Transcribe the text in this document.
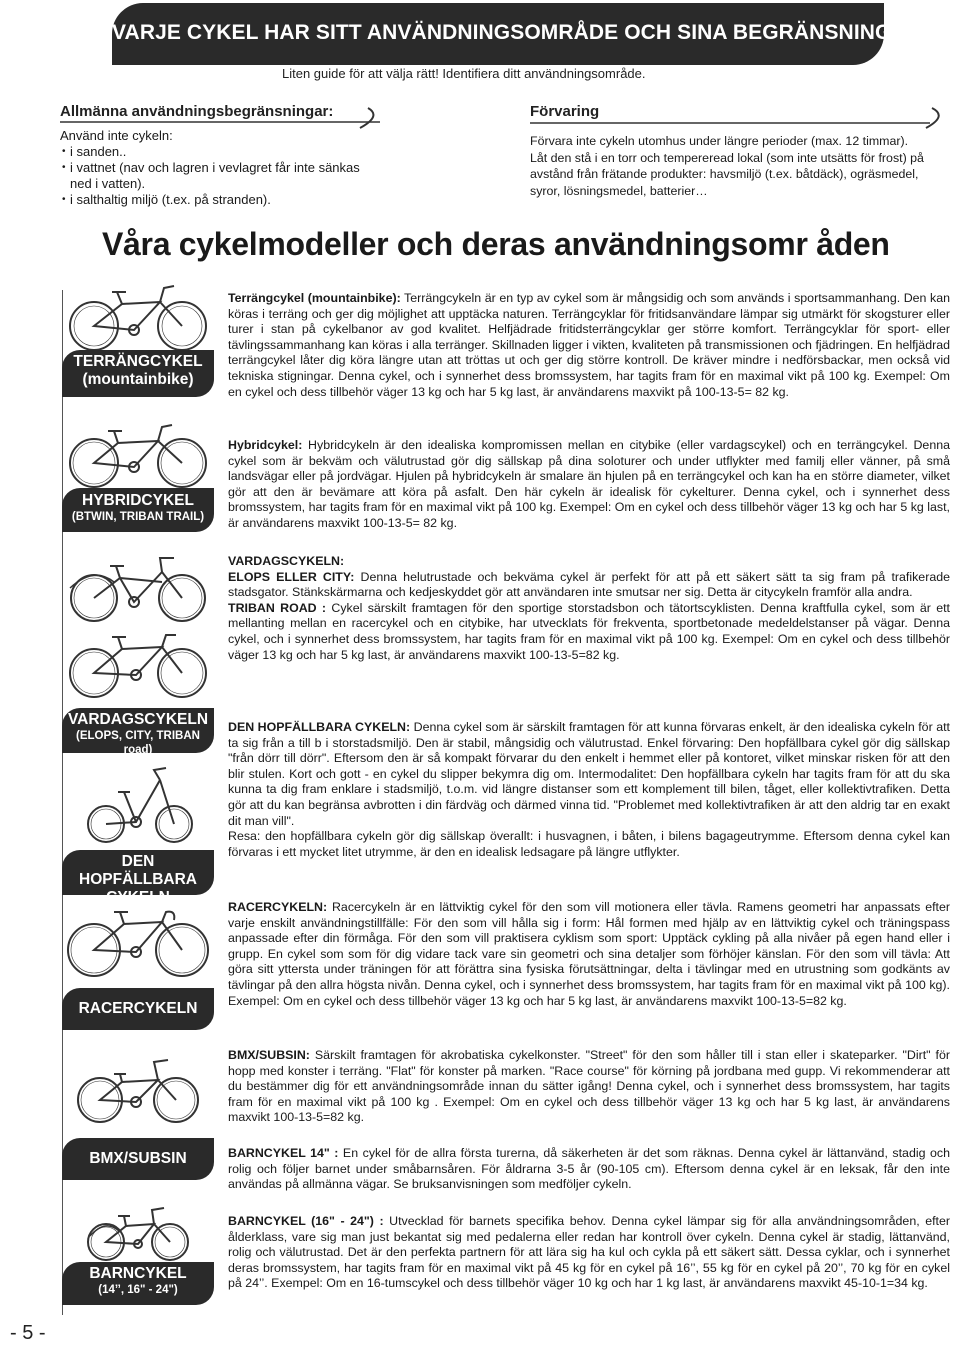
VARJE CYKEL HAR SITT ANVÄNDNINGSOMRÅDE OCH SINA BEGRÄNSNINGAR
Liten guide för att välja rätt! Identifiera ditt användningsområde.
Allmänna användningsbegränsningar:
Använd inte cykeln:
• i sanden..
• i vattnet (nav och lagren i vevlagret får inte sänkas ned i vatten).
• i salthaltig miljö (t.ex. på stranden).
Förvaring
Förvara inte cykeln utomhus under längre perioder (max. 12 timmar).
Låt den stå i en torr och tempereread lokal (som inte utsätts för frost) på avstånd från frätande produkter: havsmiljö (t.ex. båtdäck), ogräsmedel, syror, lösningsmedel, batterier…
Våra cykelmodeller och deras användningsomr åden
TERRÄNGCYKEL
(mountainbike)
HYBRIDCYKEL
(BTWIN, TRIBAN TRAIL)
VARDAGSCYKELN
(ELOPS, CITY, TRIBAN road)
DEN HOPFÄLLBARA
CYKELN
RACERCYKELN
BMX/SUBSIN
BARNCYKEL
(14’’, 16" - 24")
- 5 -
Terrängcykel (mountainbike): Terrängcykeln är en typ av cykel som är mångsidig och som används i sportsammanhang. Den kan köras i terräng och ger dig möjlighet att upptäcka naturen. Terrängcyklar för fritidsanvändare lämpar sig utmärkt för skogsturer eller turer i stan på cykelbanor av god kvalitet. Helfjädrade fritidsterrängcyklar ger större komfort. Terrängcyklar för sport- eller tävlingssammanhang kan köras i alla terränger. Skillnaden ligger i vikten, kvaliteten på transmissionen och fjädringen. En helfjädrad terrängcykel låter dig köra längre utan att tröttas ut och ger dig större kontroll. De kräver mindre i nedförsbackar, men också vid tekniska stigningar. Denna cykel, och i synnerhet dess bromssystem, har tagits fram för en maximal vikt på 100 kg. Exempel: Om en cykel och dess tillbehör väger 13 kg och har 5 kg last, är användarens maxvikt på 100-13-5= 82 kg.
Hybridcykel: Hybridcykeln är den idealiska kompromissen mellan en citybike (eller vardagscykel) och en terrängcykel. Denna cykel som är bekväm och välutrustad gör dig sällskap på dina soloturer och under utflykter med familj eller vänner, på små landsvägar eller på jordvägar. Hjulen på hybridcykeln är smalare än hjulen på en terrängcykel och kan ha en större diameter, vilket gör att den är bevämare att köra på asfalt. Den här cykeln är idealisk för cykelturer. Denna cykel, och i synnerhet dess bromssystem, har tagits fram för en maximal vikt på 100 kg. Exempel: Om en cykel och dess tillbehör väger 13 kg och har 5 kg last, är användarens maxvikt 100-13-5= 82 kg.

VARDAGSCYKELN:

ELOPS ELLER CITY: Denna helutrustade och bekväma cykel är perfekt för att på ett säkert sätt ta sig fram på trafikerade stadsgator. Stänkskärmarna och kedjeskyddet gör att användaren inte smutsar ner sig. Detta är citycykeln framför alla andra.

TRIBAN ROAD : Cykel särskilt framtagen för den sportige storstadsbon och tätortscyklisten. Denna kraftfulla cykel, som är ett mellanting mellan en racercykel och en citybike, har utvecklats för frekventa, sportbetonade medeldelstanser på vägar. Denna cykel, och i synnerhet dess bromssystem, har tagits fram för en maximal vikt på 100 kg. Exempel: Om en cykel och dess tillbehör väger 13 kg och har 5 kg last, är användarens maxvikt 100-13-5=82 kg.

DEN HOPFÄLLBARA CYKELN: Denna cykel som är särskilt framtagen för att kunna förvaras enkelt, är den idealiska cykeln för att ta sig från a till b i storstadsmiljö. Den är stabil, mångsidig och välutrustad. Enkel förvaring: Den hopfällbara cykel gör dig sällskap "från dörr till dörr". Eftersom den är så kompakt förvarar du den enkelt i hemmet eller på kontoret, vilket minskar risken för att den blir stulen. Kort och gott - en cykel du slipper bekymra dig om. Intermodalitet: Den hopfällbara cykeln har tagits fram för att du ska kunna ta dig fram enklare i stadsmiljö, t.o.m. vid längre distanser som ett komplement till bilen, tåget, eller kollektivtrafiken. Detta gör att du kan begränsa avbrotten i din färdväg och därmed vinna tid. "Problemet med kollektivtrafiken är att den aldrig tar en exakt dit man vill".

Resa: den hopfällbara cykeln gör dig sällskap överallt: i husvagnen, i båten, i bilens bagageutrymme. Eftersom denna cykel kan förvaras i ett mycket litet utrymme, är den en idealisk ledsagare på längre utflykter.

RACERCYKELN: Racercykeln är en lättviktig cykel för den som vill motionera eller tävla. Ramens geometri har anpassats efter varje enskilt användningstillfälle: För den som vill hålla sig i form: Hål formen med hjälp av en lättviktig cykel och träningspass anpassade efter din förmåga. För den som vill praktisera cyklism som sport: Upptäck cykling på alla nivåer på egen hand eller i grupp. En cykel som som för dig vidare tack vare sin geometri och sina detaljer som förhöjer känslan. För den som vill tävla: Att göra sitt yttersta under träningen för att förättra sina fysiska förutsättningar, delta i tävlingar med en utrustning som godkänts av tävlingar på den allra högsta nivån. Denna cykel, och i synnerhet dess bromssystem, har tagits fram för en maximal vikt på 100 kg). Exempel: Om en cykel och dess tillbehör väger 13 kg och har 5 kg last, är användarens maxvikt 100-13-5=82 kg.
BMX/SUBSIN: Särskilt framtagen för akrobatiska cykelkonster. "Street" för den som håller till i stan eller i skateparker. "Dirt" för hopp med konster i terräng. "Flat" för konster på marken. "Race course" för körning på jordbana med gupp. Vi rekommenderar att du bestämmer dig för ett användningsområde innan du sätter igång! Denna cykel, och i synnerhet dess bromssystem, har tagits fram för en maximal vikt på 100 kg . Exempel: Om en cykel och dess tillbehör väger 13 kg och har 5 kg last, är användarens maxvikt 100-13-5=82 kg.
BARNCYKEL 14" : En cykel för de allra första turerna, då säkerheten är det som räknas. Denna cykel är lättanvänd, stadig och rolig och följer barnet under småbarnsåren. För åldrarna 3-5 år (90-105 cm). Eftersom denna cykel är en leksak, får den inte användas på allmänna vägar. Se bruksanvisningen som medföljer cykeln.
BARNCYKEL (16" - 24") : Utvecklad för barnets specifika behov. Denna cykel lämpar sig för alla användningsområden, efter ålderklass, vare sig man just bekantat sig med pedalerna eller redan har kontroll över cykeln. Denna cykel är stadig, lättanvänd, rolig och välutrustad. Det är den perfekta partnern för att lära sig ha kul och cykla på ett säkert sätt. Dessa cyklar, och i synnerhet deras bromssystem, har tagits fram för en maximal vikt på 45 kg för en cykel på 16’’, 55 kg för en cykel på 20’’, 70 kg för en cykel på 24’’. Exempel: Om en 16-tumscykel och dess tillbehör väger 10 kg och har 1 kg last, är användarens maxvikt 45-10-1=34 kg.
